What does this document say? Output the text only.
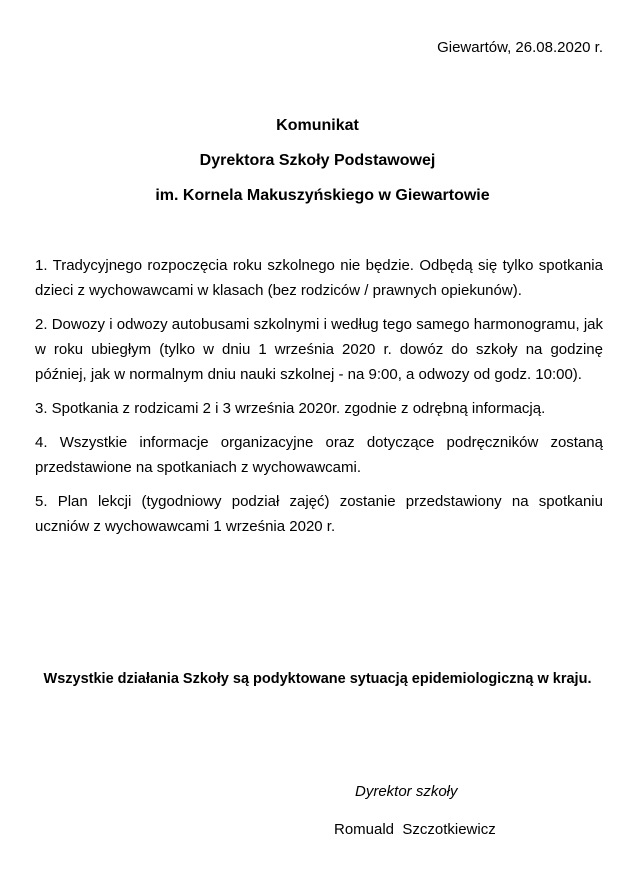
Giewartów, 26.08.2020 r.
Komunikat
Dyrektora Szkoły Podstawowej
im. Kornela Makuszyńskiego w Giewartowie

1. Tradycyjnego rozpoczęcia roku szkolnego nie będzie. Odbędą się tylko spotkania dzieci z wychowawcami w klasach (bez rodziców / prawnych opiekunów).

2. Dowozy i odwozy autobusami szkolnymi i według tego samego harmonogramu, jak w roku ubiegłym (tylko w dniu 1 września 2020 r. dowóz do szkoły na godzinę później, jak w normalnym dniu nauki szkolnej - na 9:00, a odwozy od godz. 10:00).

3. Spotkania z rodzicami 2 i 3 września 2020r. zgodnie z odrębną informacją.

4. Wszystkie informacje organizacyjne oraz dotyczące podręczników zostaną przedstawione na spotkaniach z wychowawcami.

5. Plan lekcji (tygodniowy podział zajęć) zostanie przedstawiony na spotkaniu uczniów z wychowawcami 1 września 2020 r.

Wszystkie działania Szkoły są podyktowane sytuacją epidemiologiczną w kraju.
Dyrektor szkoły
Romuald  Szczotkiewicz
